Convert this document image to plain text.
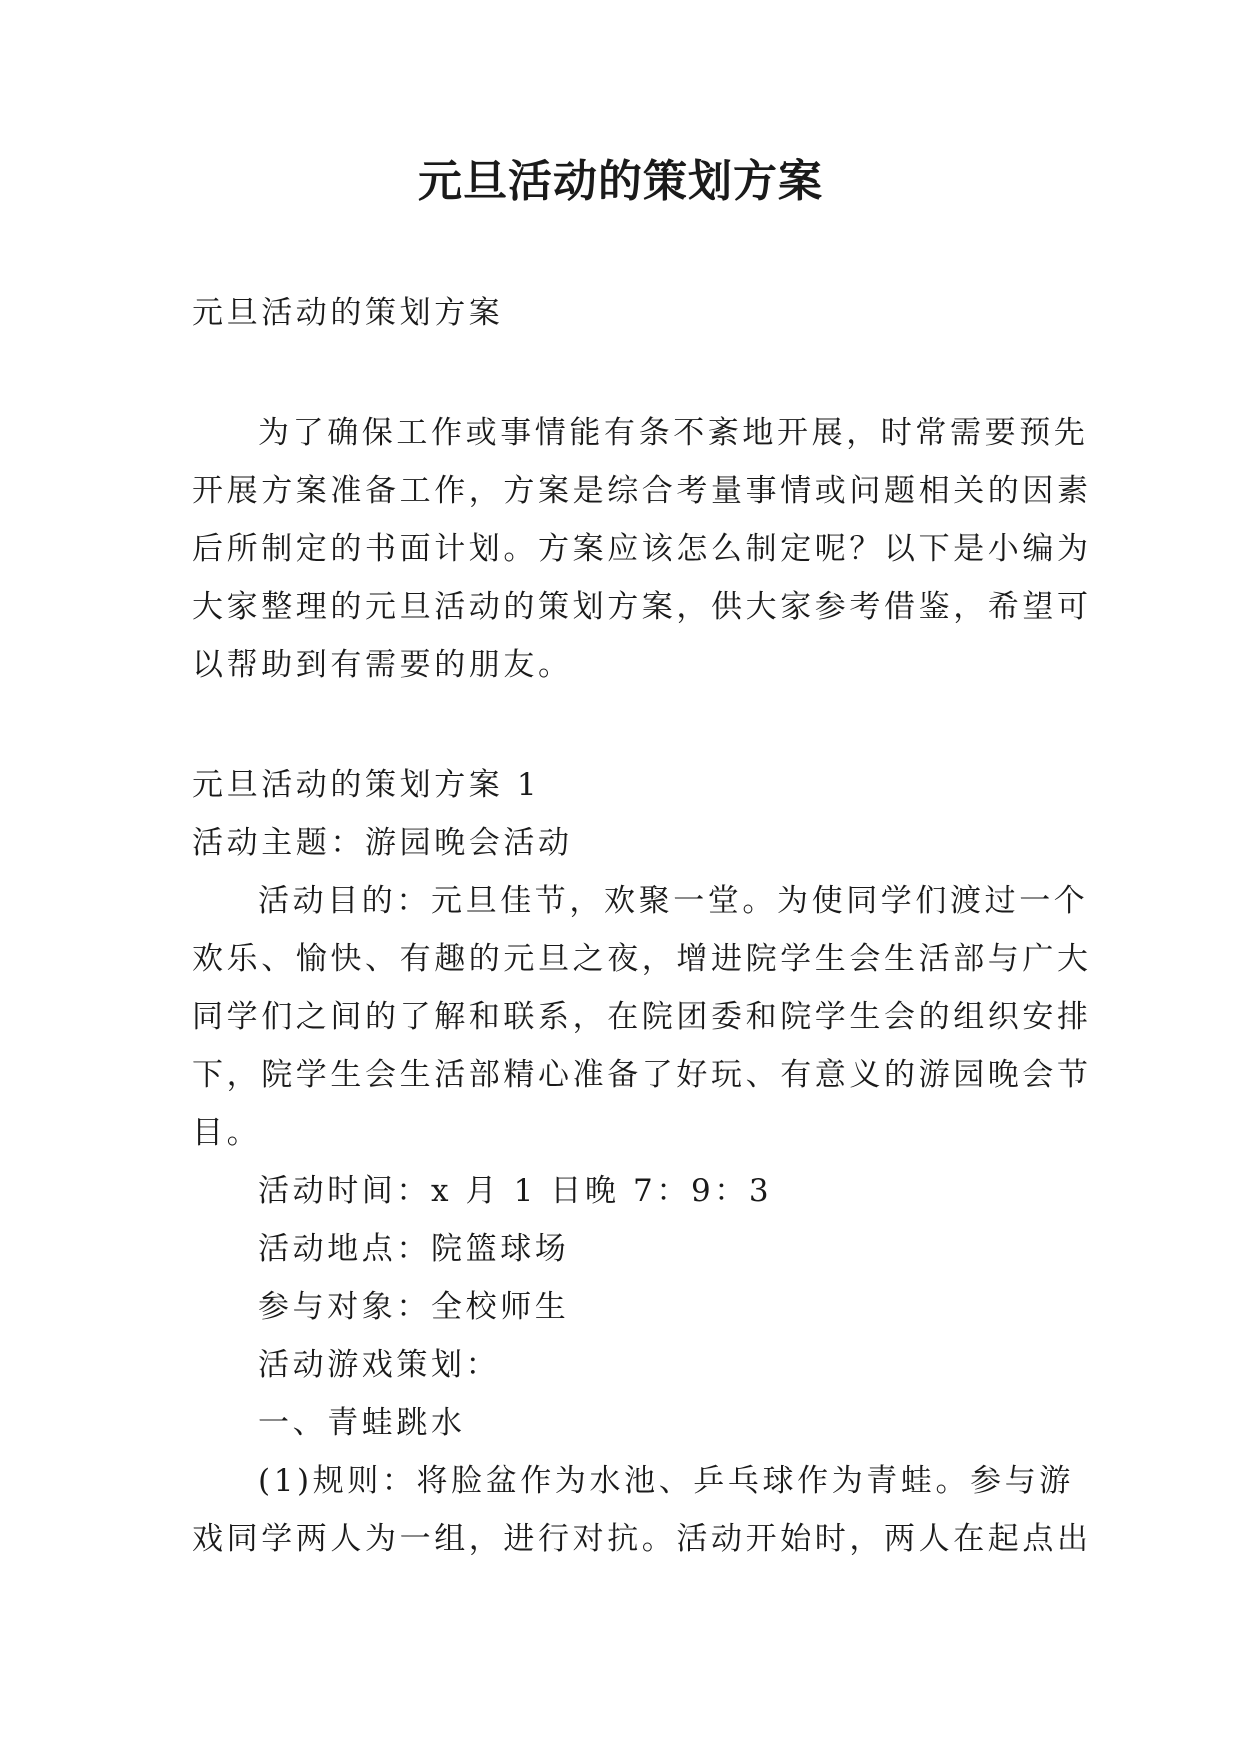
元旦活动的策划方案

元旦活动的策划方案

为了确保工作或事情能有条不紊地开展，时常需要预先

开展方案准备工作，方案是综合考量事情或问题相关的因素

后所制定的书面计划。方案应该怎么制定呢？以下是小编为

大家整理的元旦活动的策划方案，供大家参考借鉴，希望可

以帮助到有需要的朋友。

元旦活动的策划方案 1

活动主题：游园晚会活动

活动目的：元旦佳节，欢聚一堂。为使同学们渡过一个

欢乐、愉快、有趣的元旦之夜，增进院学生会生活部与广大

同学们之间的了解和联系，在院团委和院学生会的组织安排

下，院学生会生活部精心准备了好玩、有意义的游园晚会节

目。

活动时间：x 月 1 日晚 7：9：3

活动地点：院篮球场

参与对象：全校师生

活动游戏策划：

一、青蛙跳水

(1)规则：将脸盆作为水池、乒乓球作为青蛙。参与游

戏同学两人为一组，进行对抗。活动开始时，两人在起点出
